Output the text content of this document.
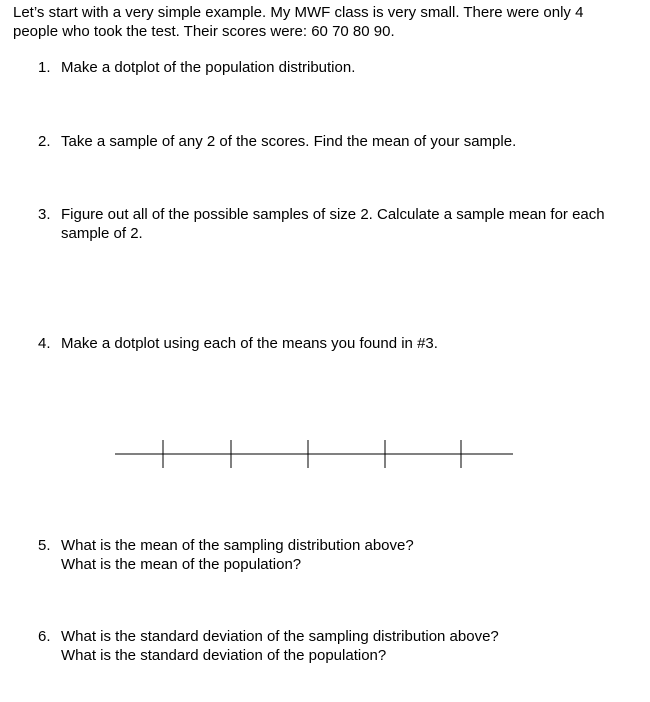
Let’s start with a very simple example. My MWF class is very small. There were only 4
people who took the test. Their scores were: 60 70 80 90.
1. Make a dotplot of the population distribution.
2. Take a sample of any 2 of the scores. Find the mean of your sample.
3. Figure out all of the possible samples of size 2. Calculate a sample mean for each
sample of 2.
4. Make a dotplot using each of the means you found in #3.
5. What is the mean of the sampling distribution above?
What is the mean of the population?
6. What is the standard deviation of the sampling distribution above?
What is the standard deviation of the population?
